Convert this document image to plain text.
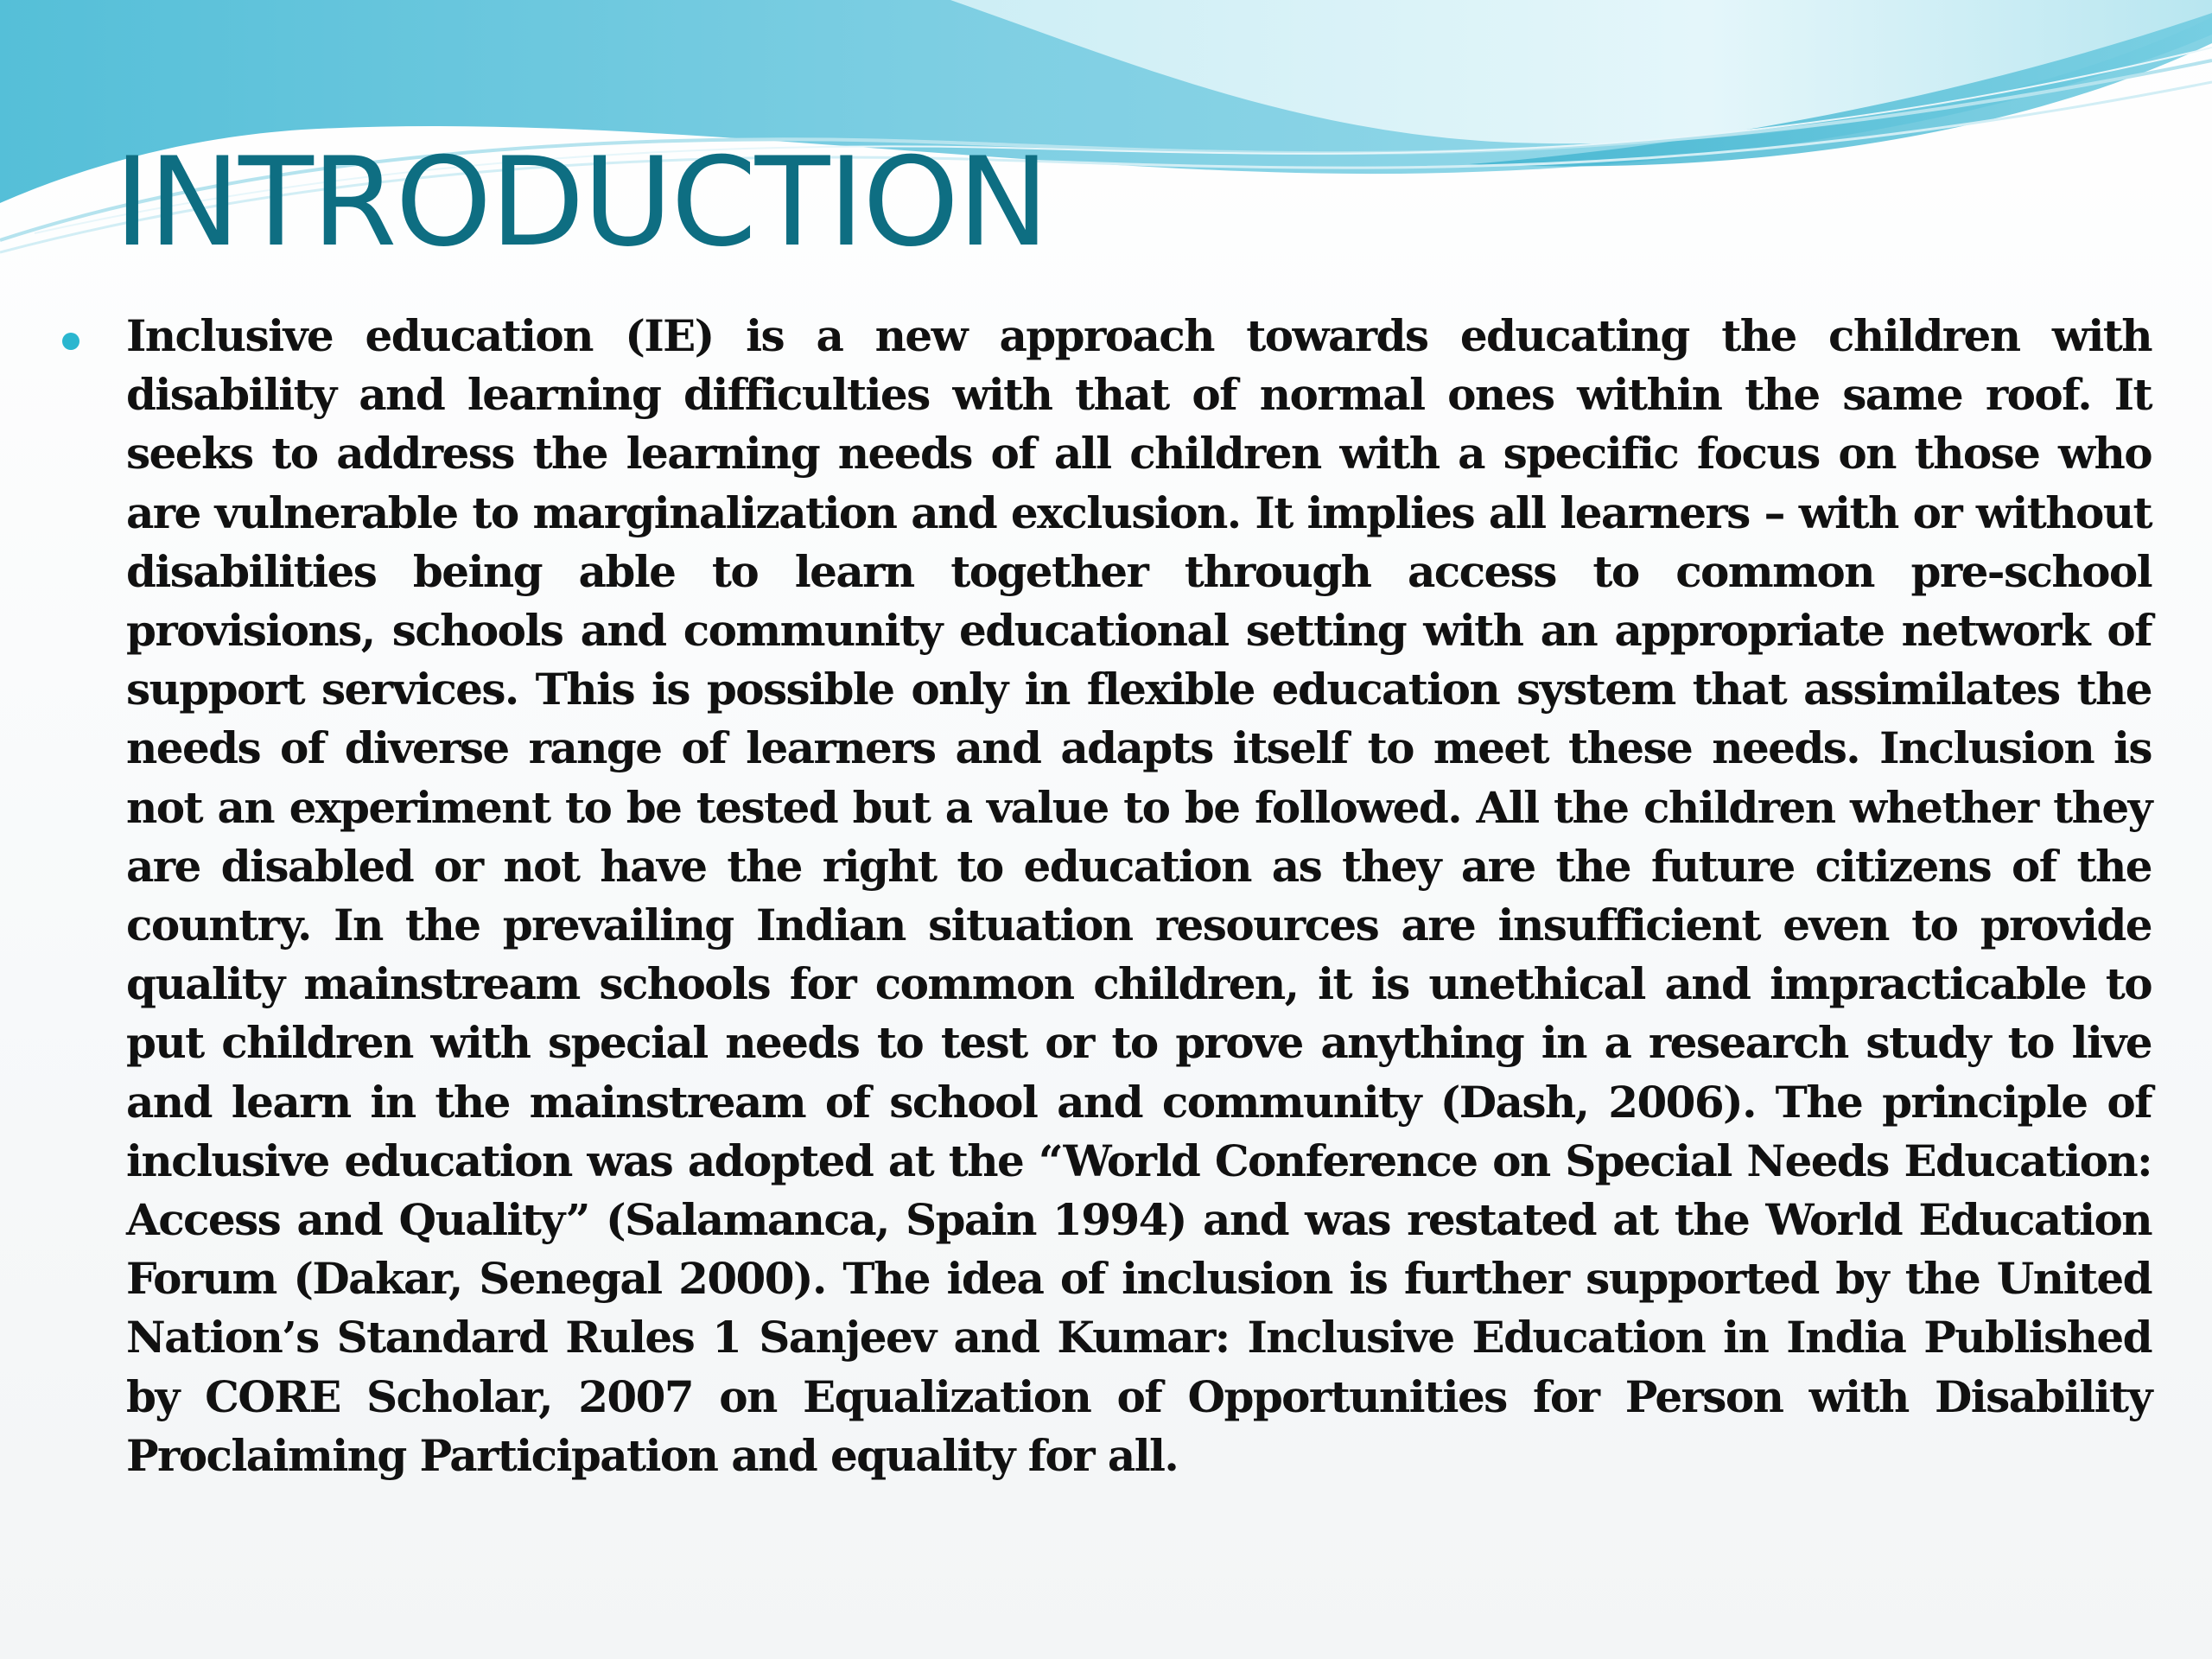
INTRODUCTION
Inclusive education (IE) is a new approach towards educating the children with disability and learning difficulties with that of normal ones within the same roof. It seeks to address the learning needs of all children with a specific focus on those who are vulnerable to marginalization and exclusion. It implies all learners – with or without disabilities being able to learn together through access to common pre-school provisions, schools and community educational setting with an appropriate network of support services. This is possible only in flexible education system that assimilates the needs of diverse range of learners and adapts itself to meet these needs. Inclusion is not an experiment to be tested but a value to be followed. All the children whether they are disabled or not have the right to education as they are the future citizens of the country. In the prevailing Indian situation resources are insufficient even to provide quality mainstream schools for common children, it is unethical and impracticable to put children with special needs to test or to prove anything in a research study to live and learn in the mainstream of school and community (Dash, 2006). The principle of inclusive education was adopted at the “World Conference on Special Needs Education: Access and Quality” (Salamanca, Spain 1994) and was restated at the World Education Forum (Dakar, Senegal 2000). The idea of inclusion is further supported by the United Nation’s Standard Rules 1 Sanjeev and Kumar: Inclusive Education in India Published by CORE Scholar, 2007 on Equalization of Opportunities for Person with Disability Proclaiming Participation and equality for all.
